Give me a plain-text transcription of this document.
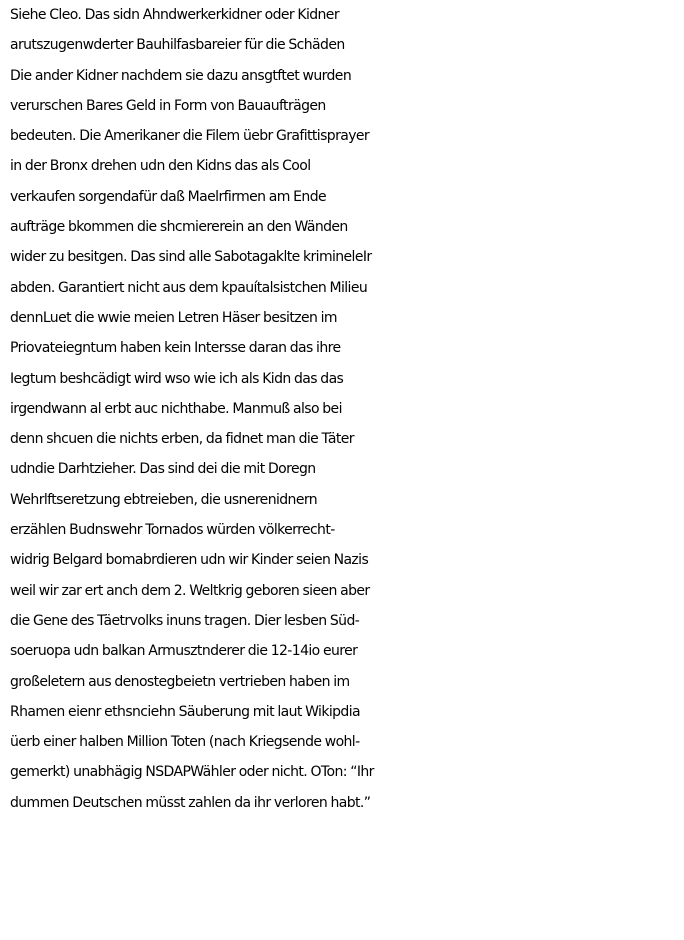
Siehe Cleo. Das sidn Ahndwerkerkidner oder Kidner
arutszugenwderter Bauhilfasbareier für die Schäden
Die ander Kidner nachdem sie dazu ansgtftet wurden
verurschen Bares Geld in Form von Bauaufträgen
bedeuten. Die Amerikaner die Filem üebr Grafittisprayer
in der Bronx drehen udn den Kidns das als Cool
verkaufen sorgendafür daß Maelrfirmen am Ende
aufträge bkommen die shcmiererein an den Wänden
wider zu besitgen. Das sind alle Sabotagaklte krimineleIr
abden. Garantiert nicht aus dem kpauítalsistchen Milieu
dennLuet die wwie meien Letren Häser besitzen im
Priovateiegntum haben kein Intersse daran das ihre
Iegtum beshcädigt wird wso wie ich als Kidn das das
irgendwann al erbt auc nichthabe. Manmuß also bei
denn shcuen die nichts erben, da fidnet man die Täter
udndie Darhtzieher. Das sind dei die mit Doregn
Wehrlftseretzung ebtreieben, die usnerenidnern
erzählen Budnswehr Tornados würden völkerrecht-
widrig Belgard bomabrdieren udn wir Kinder seien Nazis
weil wir zar ert anch dem 2. Weltkrig geboren sieen aber
die Gene des Täetrvolks inuns tragen. Dier lesben Süd-
soeruopa udn balkan Armusztnderer die 12-14io eurer
großeletern aus denostegbeietn vertrieben haben im
Rhamen eienr ethsnciehn Säuberung mit laut Wikipdia
üerb einer halben Million Toten (nach Kriegsende wohl-
gemerkt) unabhägig NSDAPWähler oder nicht. OTon: “Ihr
dummen Deutschen müsst zahlen da ihr verloren habt.”
